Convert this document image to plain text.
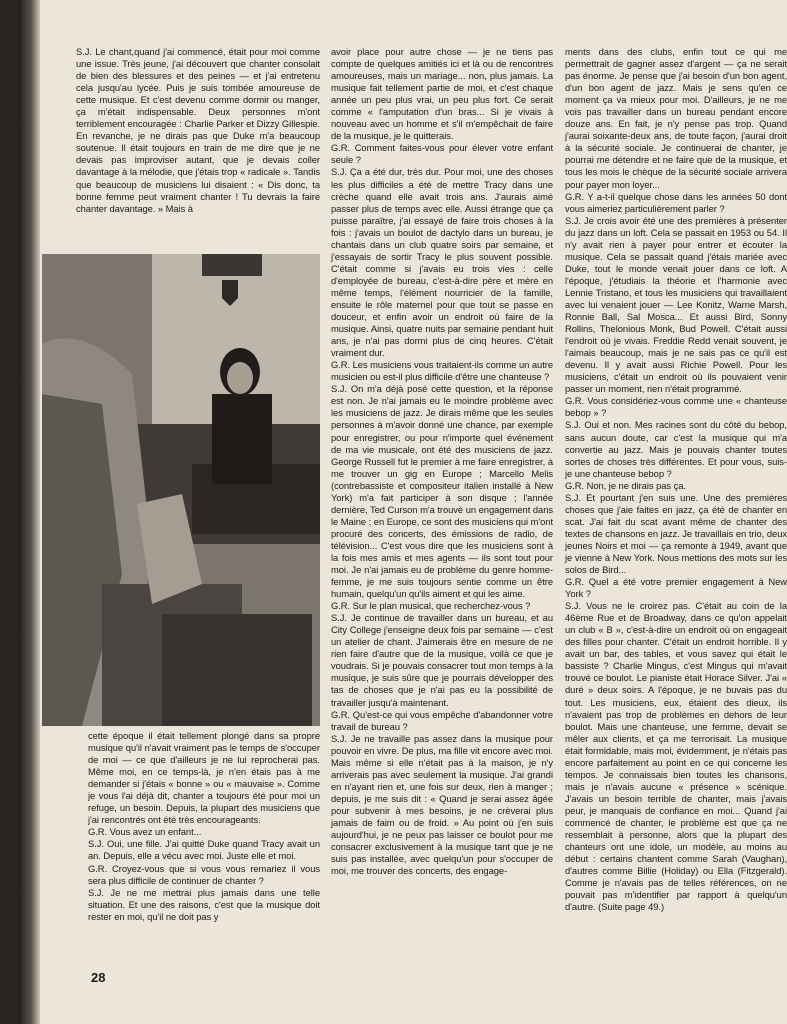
S.J. Le chant,quand j'ai commencé, était pour moi comme une issue. Très jeune, j'ai découvert que chanter consolait de bien des blessures et des peines — et j'ai entretenu cela jusqu'au lycée. Puis je suis tombée amoureuse de cette musique. Et c'est devenu comme dormir ou manger, ça m'était indispensable. Deux personnes m'ont terriblement encouragée : Charlie Parker et Dizzy Gillespie. En revanche, je ne dirais pas que Duke m'a beaucoup soutenue. Il était toujours en train de me dire que je ne devais pas improviser autant, que je devais coller davantage à la mélodie, que j'étais trop « radicale ». Tandis que beaucoup de musiciens lui disaient : « Dis donc, ta bonne femme peut vraiment chanter ! Tu devrais la faire chanter davantage. » Mais à

cette époque il était tellement plongé dans sa propre musique qu'il n'avait vraiment pas le temps de s'occuper de moi — ce que d'ailleurs je ne lui reprocherai pas. Même moi, en ce temps-là, je n'en étais pas à me demander si j'étais « bonne » ou « mauvaise ». Comme je vous l'ai déjà dit, chanter a toujours été pour moi un refuge, un besoin. Depuis, la plupart des musiciens que j'ai rencontrés ont été très encourageants.

G.R. Vous avez un enfant...

S.J. Oui, une fille. J'ai quitté Duke quand Tracy avait un an. Depuis, elle a vécu avec moi. Juste elle et moi.

G.R. Croyez-vous que si vous vous remariez il vous sera plus difficile de continuer de chanter ?

S.J. Je ne me mettrai plus jamais dans une telle situation. Et une des raisons, c'est que la musique doit rester en moi, qu'il ne doit pas y

avoir place pour autre chose — je ne tiens pas compte de quelques amitiés ici et là ou de rencontres amoureuses, mais un mariage... non, plus jamais. La musique fait tellement partie de moi, et c'est chaque année un peu plus vrai, un peu plus fort. Ce serait comme « l'amputation d'un bras... Si je vivais à nouveau avec un homme et s'il m'empêchait de faire de la musique, je le quitterais.

G.R. Comment faites-vous pour élever votre enfant seule ?

S.J. Ça a été dur, très dur. Pour moi, une des choses les plus difficiles a été de mettre Tracy dans une crèche quand elle avait trois ans. J'aurais aimé passer plus de temps avec elle. Aussi étrange que ça puisse paraître, j'ai essayé de faire trois choses à la fois : j'avais un boulot de dactylo dans un bureau, je chantais dans un club quatre soirs par semaine, et j'essayais de sortir Tracy le plus souvent possible. C'était comme si j'avais eu trois vies : celle d'employée de bureau, c'est-à-dire père et mère en même temps, l'élément nourricier de la famille, ensuite le rôle maternel pour que tout se passe en douceur, et enfin avoir un endroit où faire de la musique. Ainsi, quatre nuits par semaine pendant huit ans, je n'ai pas dormi plus de cinq heures. C'était vraiment dur.

G.R. Les musiciens vous traitaient-ils comme un autre musicien ou est-il plus difficile d'être une chanteuse ?

S.J. On m'a déjà posé cette question, et la réponse est non. Je n'ai jamais eu le moindre problème avec les musiciens de jazz. Je dirais même que les seules personnes à m'avoir donné une chance, par exemple pour enregistrer, ou pour n'importe quel événement de ma vie musicale, ont été des musiciens de jazz. George Russell fut le premier à me faire enregistrer, à me trouver un gig en Europe ; Marcello Melis (contrebassiste et compositeur italien installé à New York) m'a fait participer à son disque ; l'année dernière, Ted Curson m'a trouvé un engagement dans le Maine ; en Europe, ce sont des musiciens qui m'ont procuré des concerts, des émissions de radio, de télévision... C'est vous dire que les musiciens sont à la fois mes amis et mes agents — ils sont tout pour moi. Je n'ai jamais eu de problème du genre homme-femme, je me suis toujours sentie comme un être humain, quelqu'un qu'ils aiment et qui les aime.

G.R. Sur le plan musical, que recherchez-vous ?

S.J. Je continue de travailler dans un bureau, et au City College j'enseigne deux fois par semaine — c'est un atelier de chant. J'aimerais être en mesure de ne rien faire d'autre que de la musique, voilà ce que je voudrais. Si je pouvais consacrer tout mon temps à la musique, je suis sûre que je pourrais développer des tas de choses que je n'ai pas eu la possibilité de travailler jusqu'à maintenant.

G.R. Qu'est-ce qui vous empêche d'abandonner votre travail de bureau ?

S.J. Je ne travaille pas assez dans la musique pour pouvoir en vivre. De plus, ma fille vit encore avec moi. Mais même si elle n'était pas à la maison, je n'y arriverais pas avec seulement la musique. J'ai grandi en n'ayant rien et, une fois sur deux, rien à manger ; depuis, je me suis dit : « Quand je serai assez âgée pour subvenir à mes besoins, je ne crèverai plus jamais de faim ou de froid. » Au point où j'en suis aujourd'hui, je ne peux pas laisser ce boulot pour me consacrer exclusivement à la musique tant que je ne suis pas installée, avec quelqu'un pour s'occuper de moi, me trouver des concerts, des engage-

ments dans des clubs, enfin tout ce qui me permettrait de gagner assez d'argent — ça ne serait pas énorme. Je pense que j'ai besoin d'un bon agent, d'un bon agent de jazz. Mais je sens qu'en ce moment ça va mieux pour moi. D'ailleurs, je ne me vois pas travailler dans un bureau pendant encore douze ans. En fait, je n'y pense pas trop. Quand j'aurai soixante-deux ans, de toute façon, j'aurai droit à la sécurité sociale. Je continuerai de chanter, je pourrai me détendre et ne faire que de la musique, et tous les mois le chèque de la sécurité sociale arrivera pour payer mon loyer...

G.R. Y a-t-il quelque chose dans les années 50 dont vous aimeriez particulièrement parler ?

S.J. Je crois avoir été une des premières à présenter du jazz dans un loft. Cela se passait en 1953 ou 54. Il n'y avait rien à payer pour entrer et écouter la musique. Cela se passait quand j'étais mariée avec Duke, tout le monde venait jouer dans ce loft. A l'époque, j'étudiais la théorie et l'harmonie avec Lennie Tristano, et tous les musiciens qui travaillaient avec lui venaient jouer — Lee Konitz, Warne Marsh, Ronnie Ball, Sal Mosca... Et aussi Bird, Sonny Rollins, Thelonious Monk, Bud Powell. C'était aussi l'endroit où je vivais. Freddie Redd venait souvent, je l'aimais beaucoup, mais je ne sais pas ce qu'il est devenu. Il y avait aussi Richie Powell. Pour les musiciens, c'était un endroit où ils pouvaient venir passer un moment, rien n'était programmé.

G.R. Vous considériez-vous comme une « chanteuse bebop » ?

S.J. Oui et non. Mes racines sont du côté du bebop, sans aucun doute, car c'est la musique qui m'a convertie au jazz. Mais je pouvais chanter toutes sortes de choses très différentes. Et pour vous, suis-je une chanteuse bebop ?

G.R. Non, je ne dirais pas ça.

S.J. Et pourtant j'en suis une. Une des premières choses que j'aie faites en jazz, ça été de chanter en scat. J'ai fait du scat avant même de chanter des textes de chansons en jazz. Je travaillais en trio, deux jeunes Noirs et moi — ça remonte à 1949, avant que je vienne à New York. Nous mettions des mots sur les solos de Bird...

G.R. Quel a été votre premier engagement à New York ?

S.J. Vous ne le croirez pas. C'était au coin de la 46ème Rue et de Broadway, dans ce qu'on appelait un club « B », c'est-à-dire un endroit où on engageait des filles pour chanter. C'était un endroit horrible. Il y avait un bar, des tables, et vous savez qui était le bassiste ? Charlie Mingus, c'est Mingus qui m'avait trouvé ce boulot. Le pianiste était Horace Silver. J'ai « duré » deux soirs. A l'époque, je ne buvais pas du tout. Les musiciens, eux, étaient des dieux, ils n'avaient pas trop de problèmes en dehors de leur boulot. Mais une chanteuse, une femme, devait se mêler aux clients, et ça me terrorisait. La musique était formidable, mais moi, évidemment, je n'étais pas encore parfaitement au point en ce qui concerne les tempos. Je connaissais bien toutes les chansons, mais je n'avais aucune « présence » scénique. J'avais un besoin terrible de chanter, mais j'avais peur, je manquais de confiance en moi... Quand j'ai commencé de chanter, le problème est que ça ne ressemblait à personne, alors que la plupart des chanteurs ont une idole, un modèle, au moins au début : certains chantent comme Sarah (Vaughan), d'autres comme Billie (Holiday) ou Ella (Fitzgerald). Comme je n'avais pas de telles références, on ne pouvait pas m'identifier par rapport à quelqu'un d'autre. (Suite page 49.)

28
